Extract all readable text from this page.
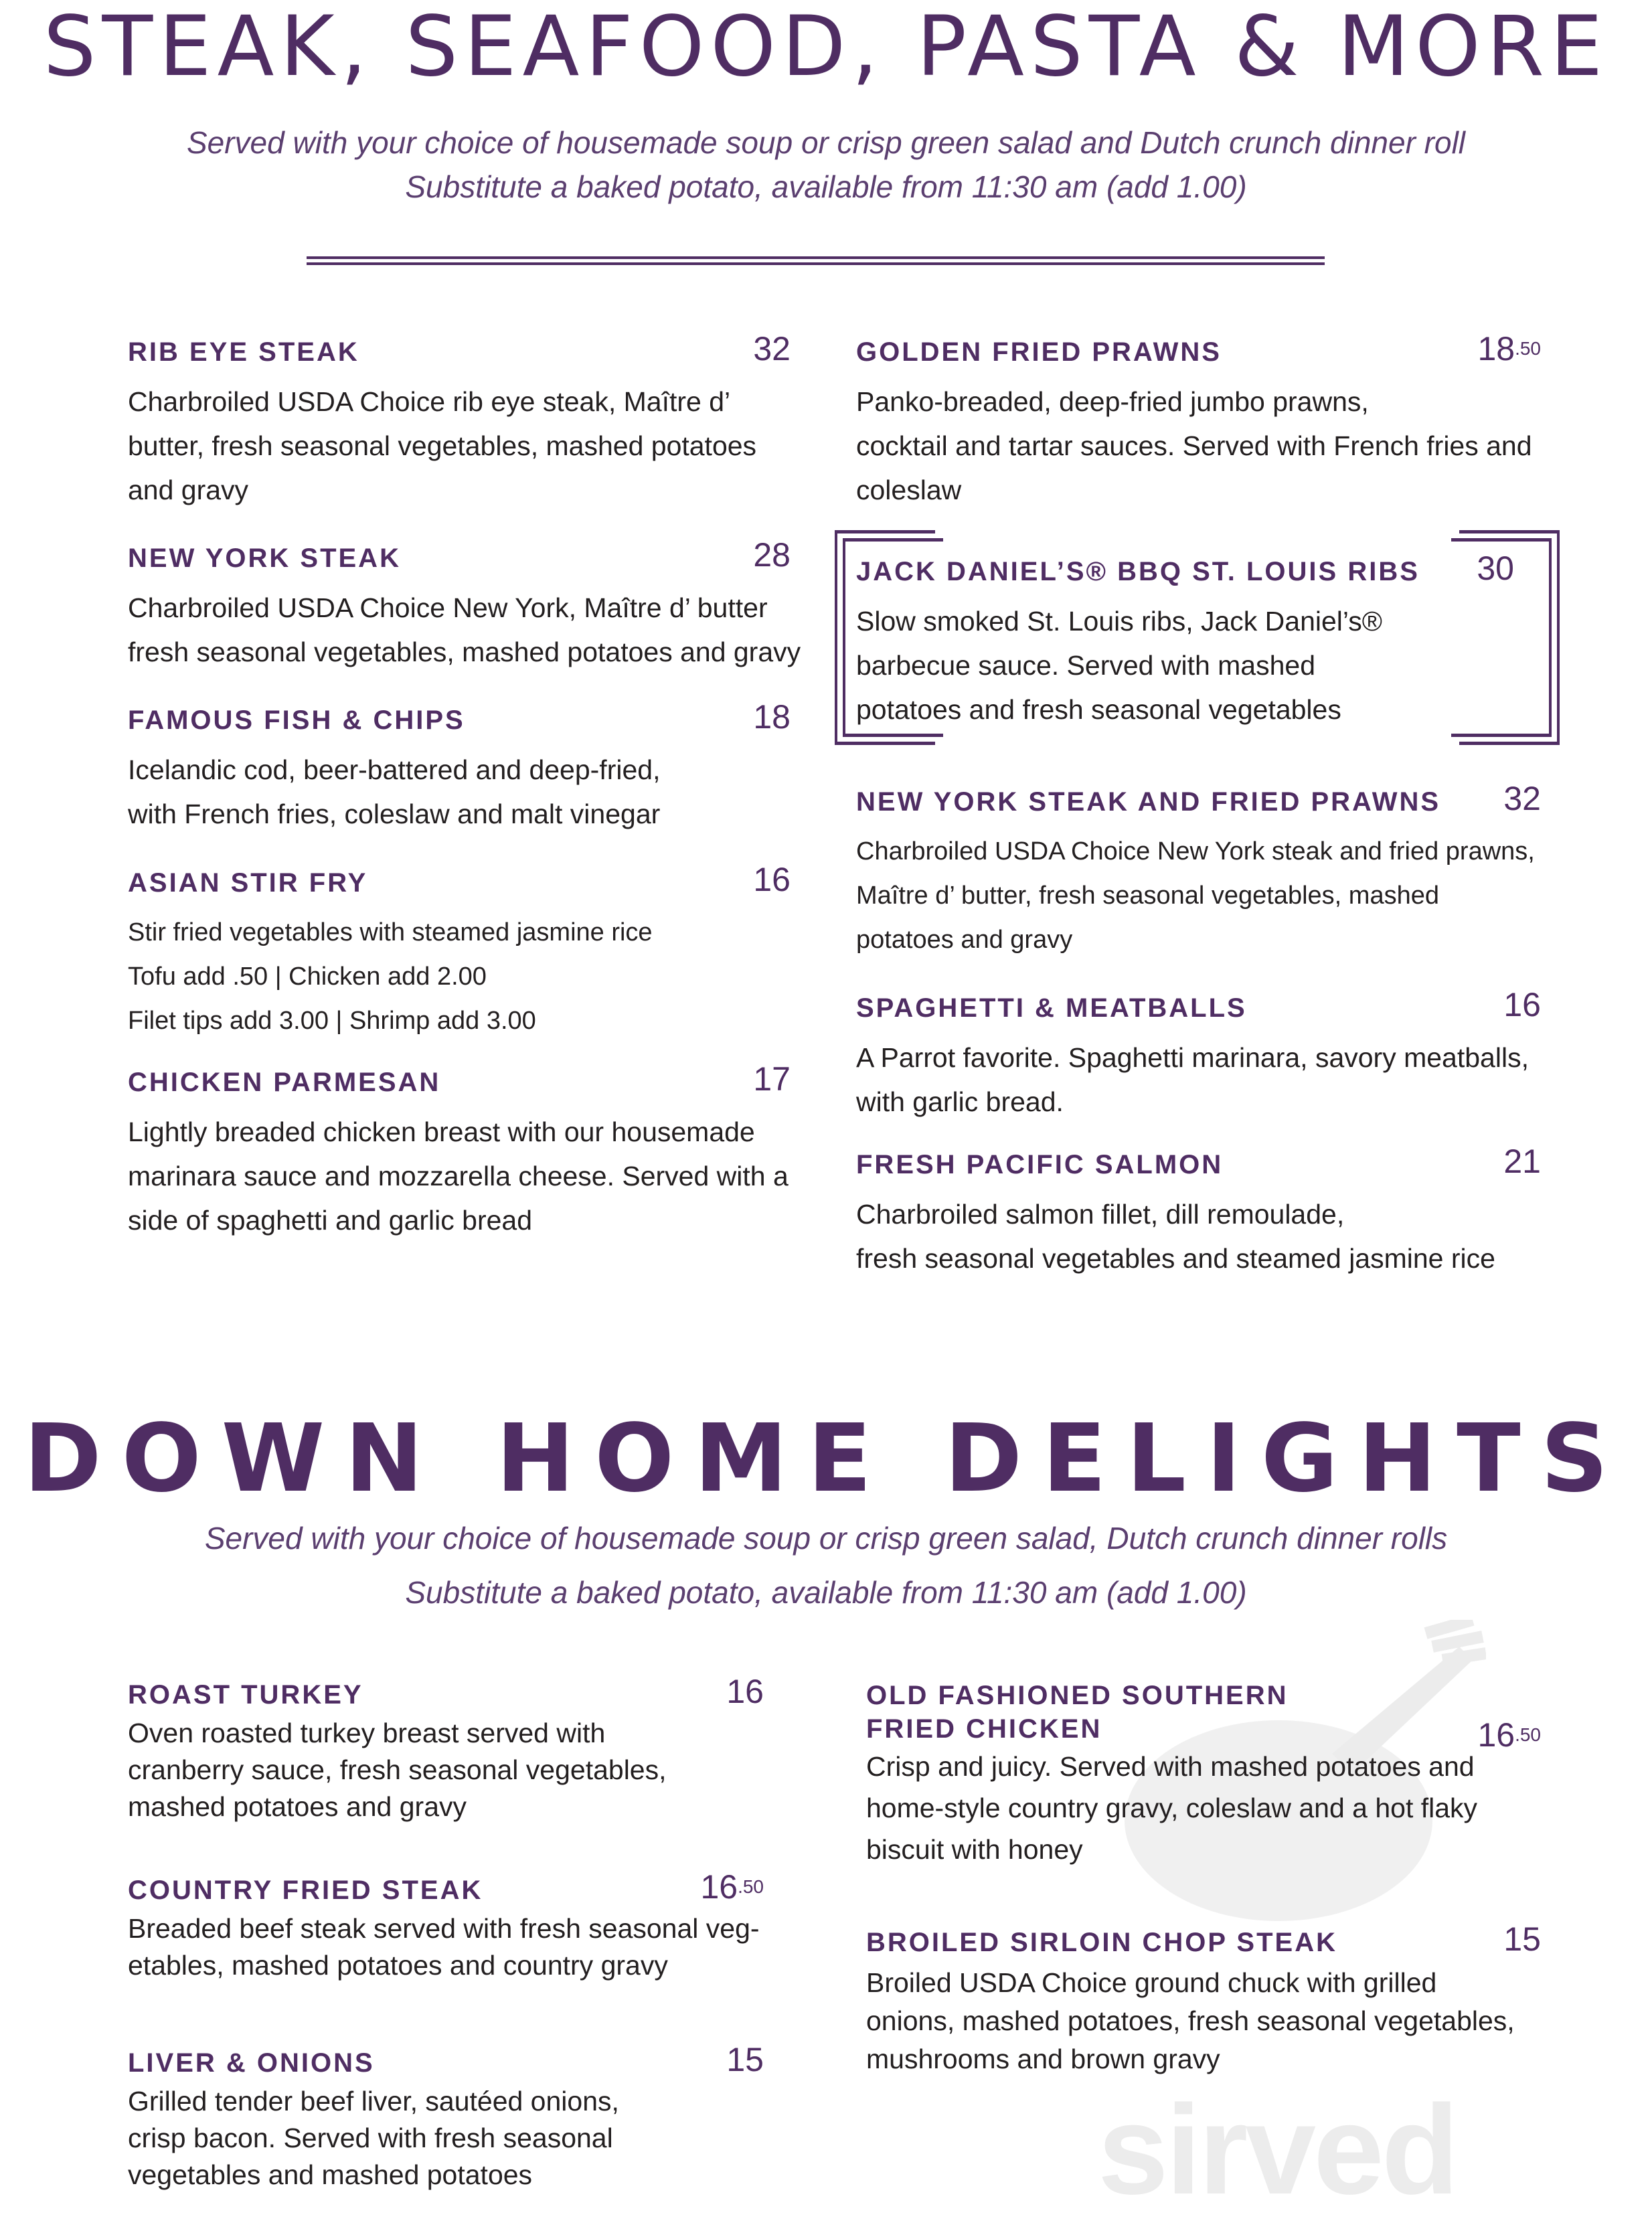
sirved
STEAK, SEAFOOD, PASTA & MORE
Served with your choice of housemade soup or crisp green salad and Dutch crunch dinner roll
Substitute a baked potato, available from 11:30 am (add 1.00)
DOWN HOME DELIGHTS
Served with your choice of housemade soup or crisp green salad, Dutch crunch dinner rolls
Substitute a baked potato, available from 11:30 am (add 1.00)
RIB EYE STEAK	32
Charbroiled USDA Choice rib eye steak, Maître d’
butter, fresh seasonal vegetables, mashed potatoes
and gravy
NEW YORK STEAK	28
Charbroiled USDA Choice New York, Maître d’ butter
fresh seasonal vegetables, mashed potatoes and gravy
FAMOUS FISH & CHIPS	18
Icelandic cod, beer-battered and deep-fried,
with French fries, coleslaw and malt vinegar
ASIAN STIR FRY	16
Stir fried vegetables with steamed jasmine rice
Tofu add .50 | Chicken add 2.00
Filet tips add 3.00 | Shrimp add 3.00
CHICKEN PARMESAN	17
Lightly breaded chicken breast with our housemade
marinara sauce and mozzarella cheese. Served with a
side of spaghetti and garlic bread
GOLDEN FRIED PRAWNS	$18^{.50}$
Panko-breaded, deep-fried jumbo prawns,
cocktail and tartar sauces. Served with French fries and
coleslaw
JACK DANIEL’S® BBQ ST. LOUIS RIBS	30
Slow smoked St. Louis ribs, Jack Daniel’s®
barbecue sauce. Served with mashed
potatoes and fresh seasonal vegetables
NEW YORK STEAK AND FRIED PRAWNS	32
Charbroiled USDA Choice New York steak and fried prawns,
Maître d’ butter, fresh seasonal vegetables, mashed
potatoes and gravy
SPAGHETTI & MEATBALLS	16
A Parrot favorite. Spaghetti marinara, savory meatballs,
with garlic bread.
FRESH PACIFIC SALMON	21
Charbroiled salmon fillet, dill remoulade,
fresh seasonal vegetables and steamed jasmine rice
ROAST TURKEY	16
Oven roasted turkey breast served with
cranberry sauce, fresh seasonal vegetables,
mashed potatoes and gravy
COUNTRY FRIED STEAK	$16^{.50}$
Breaded beef steak served with fresh seasonal veg-
etables, mashed potatoes and country gravy
LIVER & ONIONS	15
Grilled tender beef liver, sautéed onions,
crisp bacon. Served with fresh seasonal
vegetables and mashed potatoes
OLD FASHIONED SOUTHERN
FRIED CHICKEN	$16^{.50}$
Crisp and juicy. Served with mashed potatoes and
home-style country gravy, coleslaw and a hot flaky
biscuit with honey
BROILED SIRLOIN CHOP STEAK	15
Broiled USDA Choice ground chuck with grilled
onions, mashed potatoes, fresh seasonal vegetables,
mushrooms and brown gravy
